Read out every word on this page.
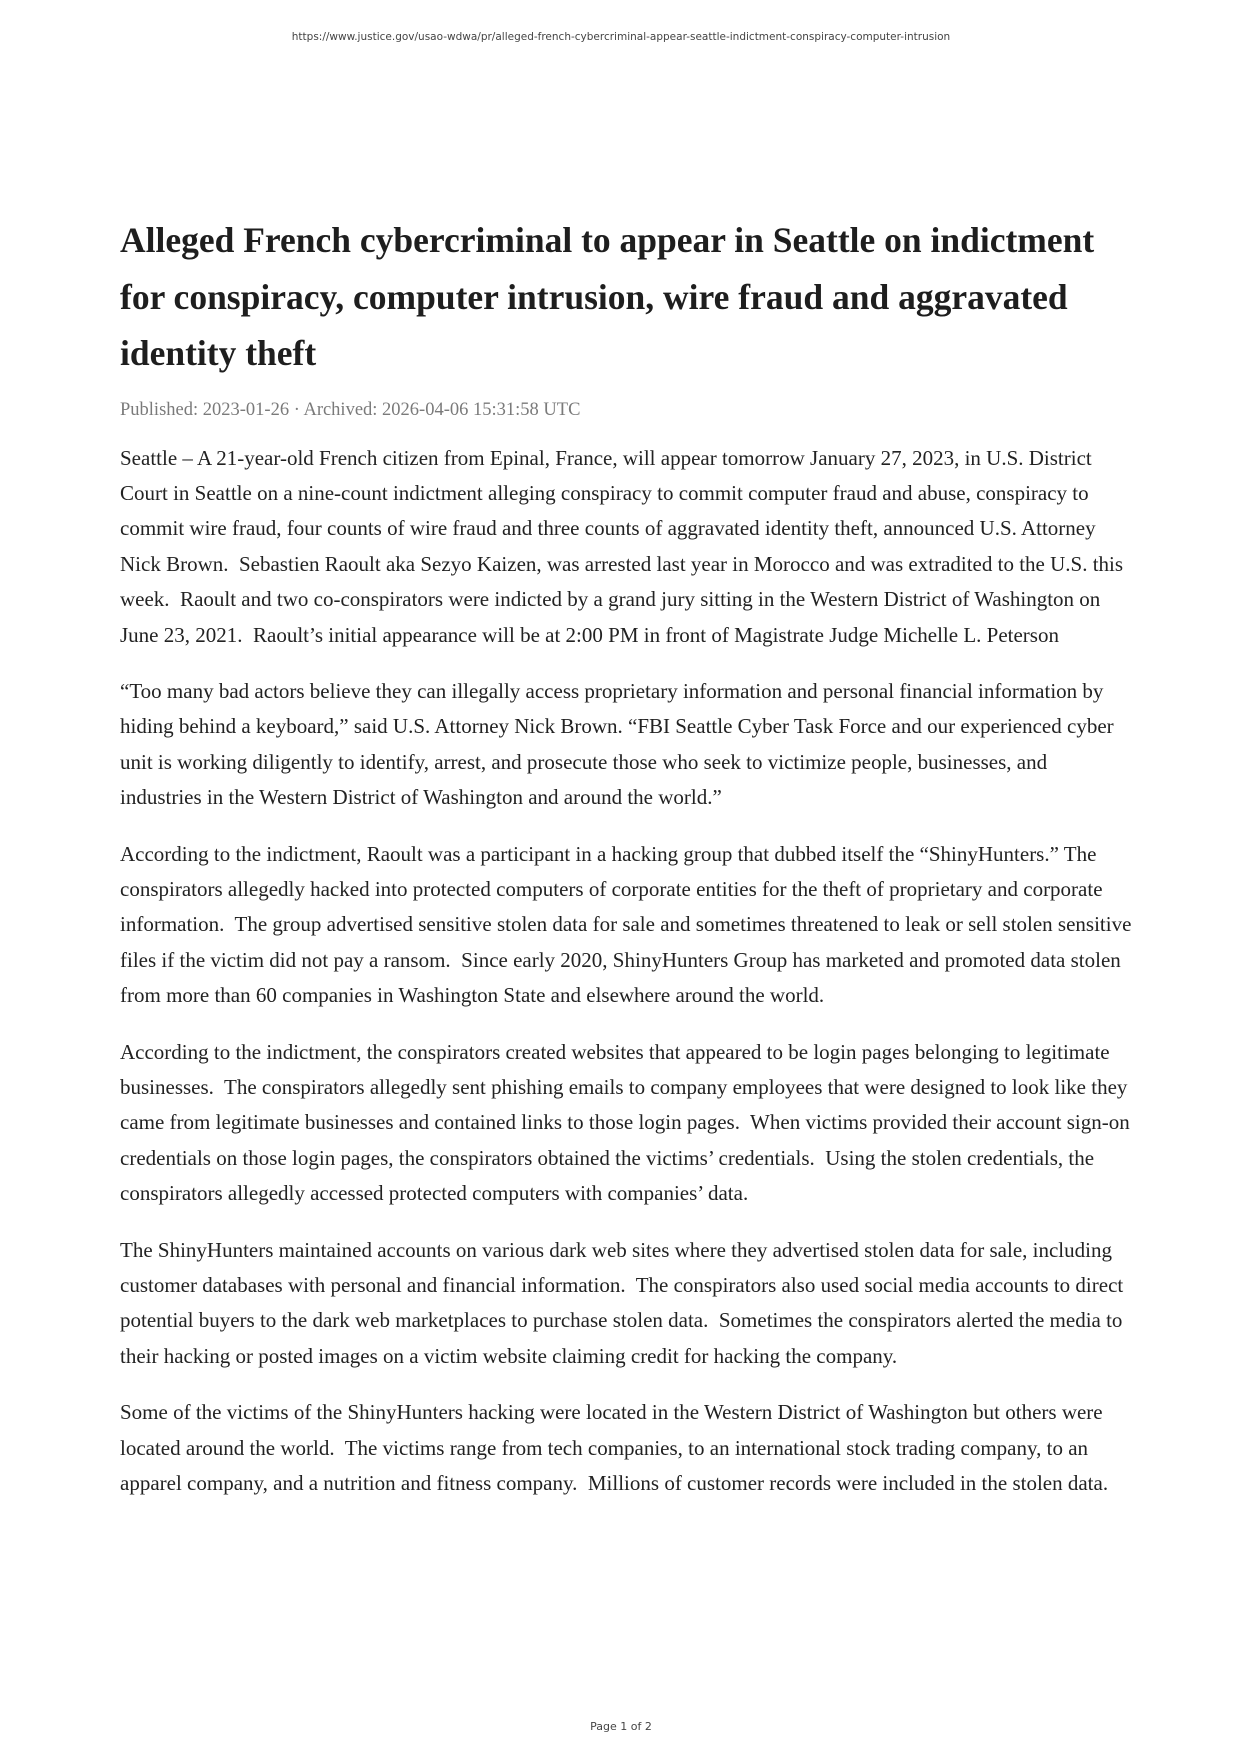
https://www.justice.gov/usao-wdwa/pr/alleged-french-cybercriminal-appear-seattle-indictment-conspiracy-computer-intrusion
Alleged French cybercriminal to appear in Seattle on indictment for conspiracy, computer intrusion, wire fraud and aggravated identity theft
Published: 2023-01-26 · Archived: 2026-04-06 15:31:58 UTC

Seattle – A 21-year-old French citizen from Epinal, France, will appear tomorrow January 27, 2023, in U.S. District Court in Seattle on a nine-count indictment alleging conspiracy to commit computer fraud and abuse, conspiracy to commit wire fraud, four counts of wire fraud and three counts of aggravated identity theft, announced U.S. Attorney Nick Brown.  Sebastien Raoult aka Sezyo Kaizen, was arrested last year in Morocco and was extradited to the U.S. this week.  Raoult and two co-conspirators were indicted by a grand jury sitting in the Western District of Washington on June 23, 2021.  Raoult’s initial appearance will be at 2:00 PM in front of Magistrate Judge Michelle L. Peterson

“Too many bad actors believe they can illegally access proprietary information and personal financial information by hiding behind a keyboard,” said U.S. Attorney Nick Brown. “FBI Seattle Cyber Task Force and our experienced cyber unit is working diligently to identify, arrest, and prosecute those who seek to victimize people, businesses, and industries in the Western District of Washington and around the world.”

According to the indictment, Raoult was a participant in a hacking group that dubbed itself the “ShinyHunters.” The conspirators allegedly hacked into protected computers of corporate entities for the theft of proprietary and corporate information.  The group advertised sensitive stolen data for sale and sometimes threatened to leak or sell stolen sensitive files if the victim did not pay a ransom.  Since early 2020, ShinyHunters Group has marketed and promoted data stolen from more than 60 companies in Washington State and elsewhere around the world.

According to the indictment, the conspirators created websites that appeared to be login pages belonging to legitimate businesses.  The conspirators allegedly sent phishing emails to company employees that were designed to look like they came from legitimate businesses and contained links to those login pages.  When victims provided their account sign-on credentials on those login pages, the conspirators obtained the victims’ credentials.  Using the stolen credentials, the conspirators allegedly accessed protected computers with companies’ data.

The ShinyHunters maintained accounts on various dark web sites where they advertised stolen data for sale, including customer databases with personal and financial information.  The conspirators also used social media accounts to direct potential buyers to the dark web marketplaces to purchase stolen data.  Sometimes the conspirators alerted the media to their hacking or posted images on a victim website claiming credit for hacking the company.

Some of the victims of the ShinyHunters hacking were located in the Western District of Washington but others were located around the world.  The victims range from tech companies, to an international stock trading company, to an apparel company, and a nutrition and fitness company.  Millions of customer records were included in the stolen data.

Page 1 of 2
